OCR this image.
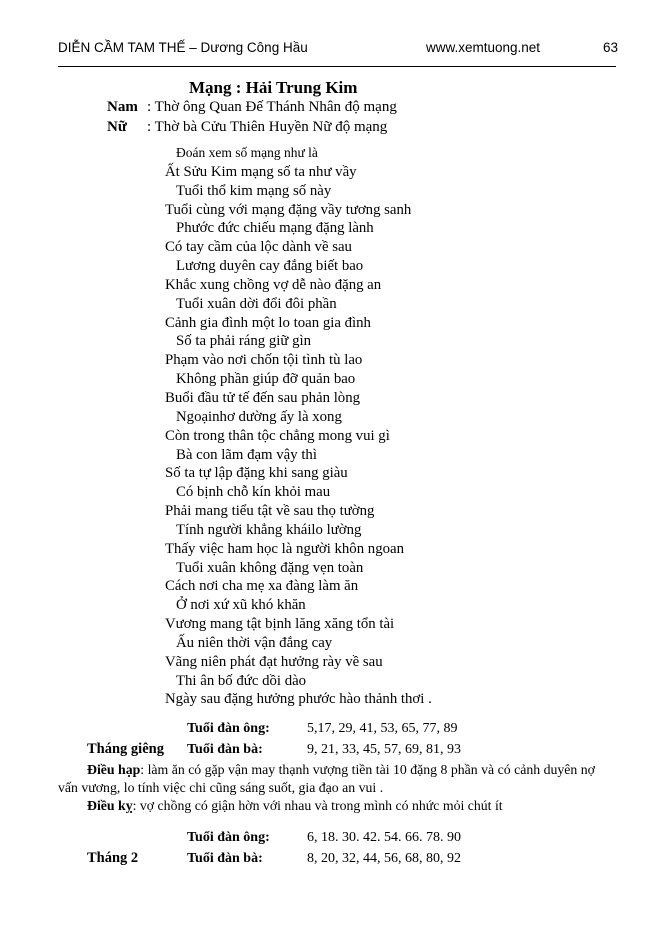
DIỄN CẦM TAM THẾ – Dương Công Hầu	www.xemtuong.net	63
Mạng : Hải Trung Kim
Nam : Thờ ông Quan Đế Thánh Nhân độ mạng
Nữ : Thờ bà Cửu Thiên Huyền Nữ độ mạng
Đoán xem số mạng như là
Ất Sửu Kim mạng số ta như vầy
Tuổi thổ kim mạng số này
Tuổi cùng với mạng đặng vầy tương sanh
Phước đức chiếu mạng đặng lành
Có tay cầm của lộc dành về sau
Lương duyên cay đắng biết bao
Khắc xung chồng vợ dễ nào đặng an
Tuổi xuân dời đổi đôi phần
Cảnh gia đình một lo toan gia đình
Số ta phải ráng giữ gìn
Phạm vào nơi chốn tội tình tù lao
Không phần giúp đỡ quản bao
Buổi đầu tử tế đến sau phản lòng
Ngoạinhơ dường ấy là xong
Còn trong thân tộc chẳng mong vui gì
Bà con lãm đạm vậy thì
Số ta tự lập đặng khi sang giàu
Có bịnh chỗ kín khỏi mau
Phải mang tiểu tật về sau thọ tường
Tính người khẳng kháilo lường
Thấy việc ham học là người khôn ngoan
Tuổi xuân không đặng vẹn toàn
Cách nơi cha mẹ xa đàng làm ăn
Ở nơi xứ xũ khó khăn
Vương mang tật bịnh lăng xăng tổn tài
Ấu niên thời vận đắng cay
Vãng niên phát đạt hưởng rày về sau
Thi ân bố đức dồi dào
Ngày sau đặng hưởng phước hào thảnh thơi .
Tuổi đàn ông:	5,17, 29, 41, 53, 65, 77, 89
Tháng giêng Tuổi đàn bà:	9, 21, 33, 45, 57, 69, 81, 93
Điều hạp: làm ăn có gặp vận may thạnh vượng tiền tài 10 đặng 8 phần và có cảnh duyên nợ vấn vương, lo tính việc chi cũng sáng suốt, gia đạo an vui .
Điều kỵ: vợ chồng có giận hờn với nhau và trong mình có nhức mỏi chút ít
Tuổi đàn ông:	6, 18. 30. 42. 54. 66. 78. 90
Tháng 2	Tuổi đàn bà:	8, 20, 32, 44, 56, 68, 80, 92
